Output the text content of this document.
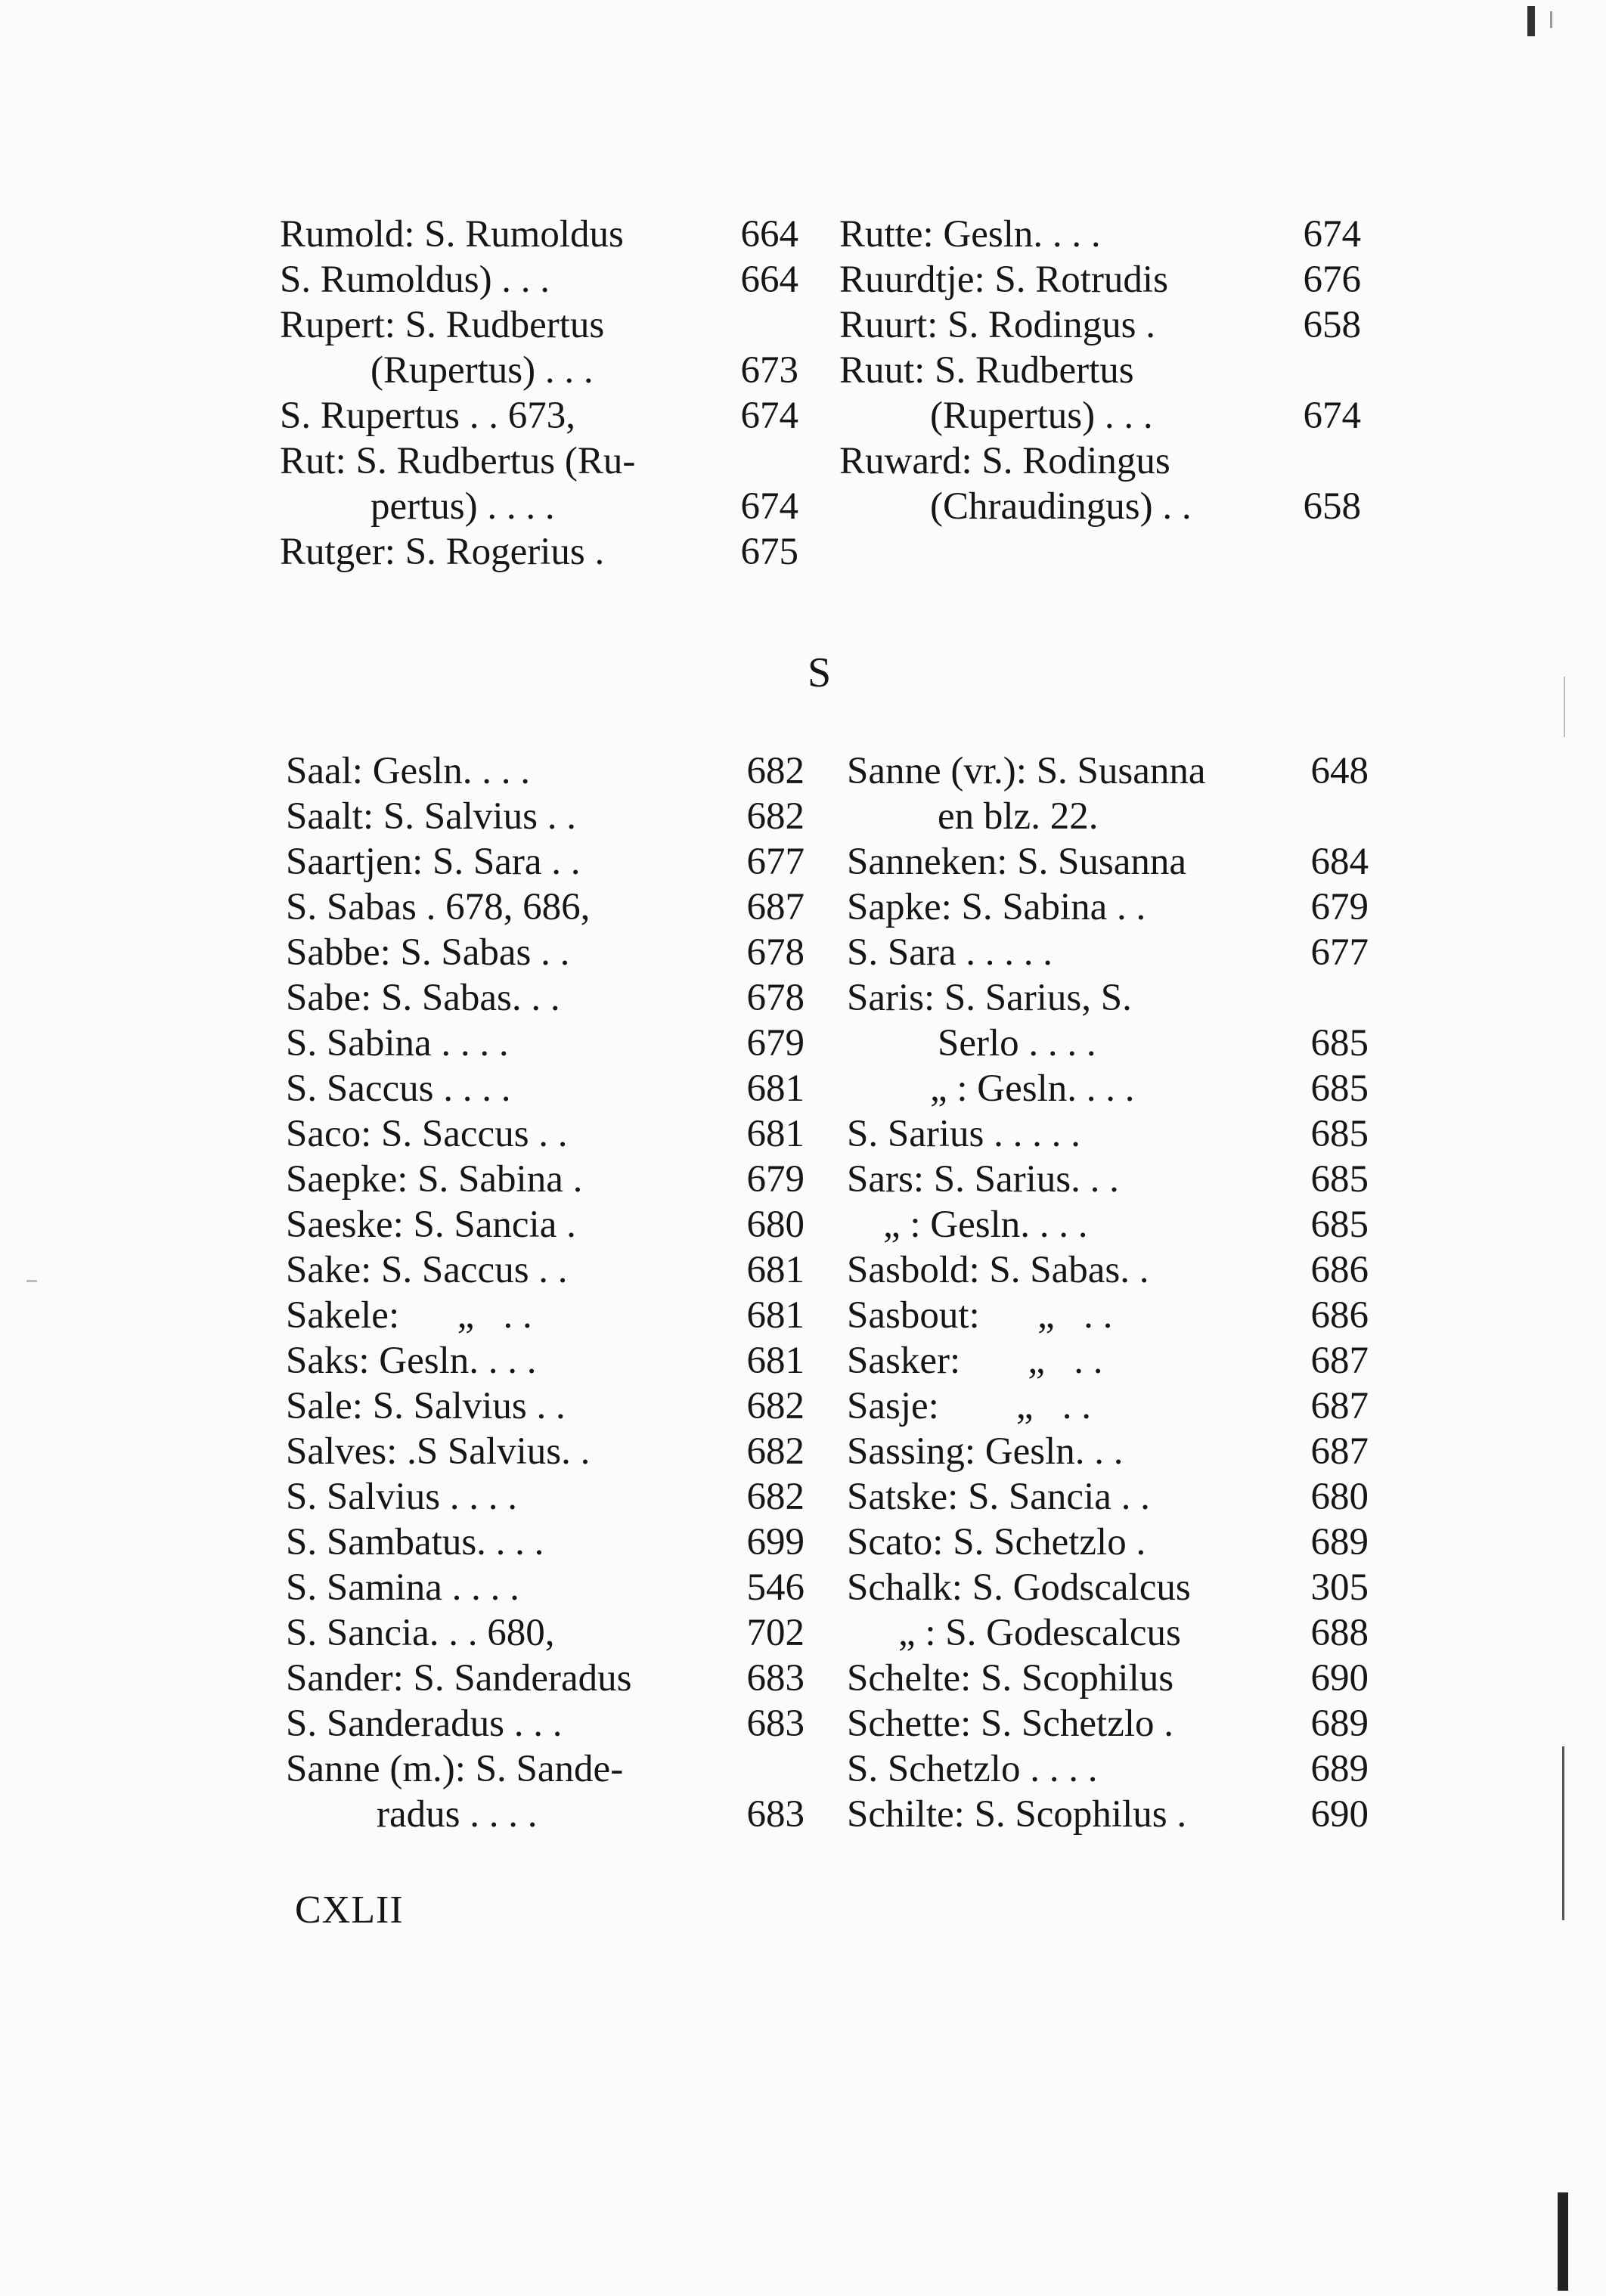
Rumold: S. Rumoldus	664
S. Rumoldus) . . .	664
Rupert: S. Rudbertus
(Rupertus) . . .	673
S. Rupertus . . 673,	674
Rut: S. Rudbertus (Ru-
pertus) . . . .	674
Rutger: S. Rogerius .	675
Rutte: Gesln. . . .	674
Ruurdtje: S. Rotrudis	676
Ruurt: S. Rodingus .	658
Ruut: S. Rudbertus
(Rupertus) . . .	674
Ruward: S. Rodingus
(Chraudingus) . .	658
S
Saal: Gesln. . . .	682
Saalt: S. Salvius . .	682
Saartjen: S. Sara . .	677
S. Sabas . 678, 686,	687
Sabbe: S. Sabas . .	678
Sabe: S. Sabas. . .	678
S. Sabina . . . .	679
S. Saccus . . . .	681
Saco: S. Saccus . .	681
Saepke: S. Sabina .	679
Saeske: S. Sancia .	680
Sake: S. Saccus . .	681
Sakele:      „   . .	681
Saks: Gesln. . . .	681
Sale: S. Salvius . .	682
Salves: .S Salvius. .	682
S. Salvius . . . .	682
S. Sambatus. . . .	699
S. Samina . . . .	546
S. Sancia. . . 680,	702
Sander: S. Sanderadus	683
S. Sanderadus . . .	683
Sanne (m.): S. Sande-
radus . . . .	683
Sanne (vr.): S. Susanna	648
en blz. 22.
Sanneken: S. Susanna	684
Sapke: S. Sabina . .	679
S. Sara . . . . .	677
Saris: S. Sarius, S.
Serlo . . . .	685
„ : Gesln. . . .	685
S. Sarius . . . . .	685
Sars: S. Sarius. . .	685
„ : Gesln. . . .	685
Sasbold: S. Sabas. .	686
Sasbout:      „   . .	686
Sasker:       „   . .	687
Sasje:        „   . .	687
Sassing: Gesln. . .	687
Satske: S. Sancia . .	680
Scato: S. Schetzlo .	689
Schalk: S. Godscalcus	305
„ : S. Godescalcus	688
Schelte: S. Scophilus	690
Schette: S. Schetzlo .	689
S. Schetzlo . . . .	689
Schilte: S. Scophilus .	690
CXLII
